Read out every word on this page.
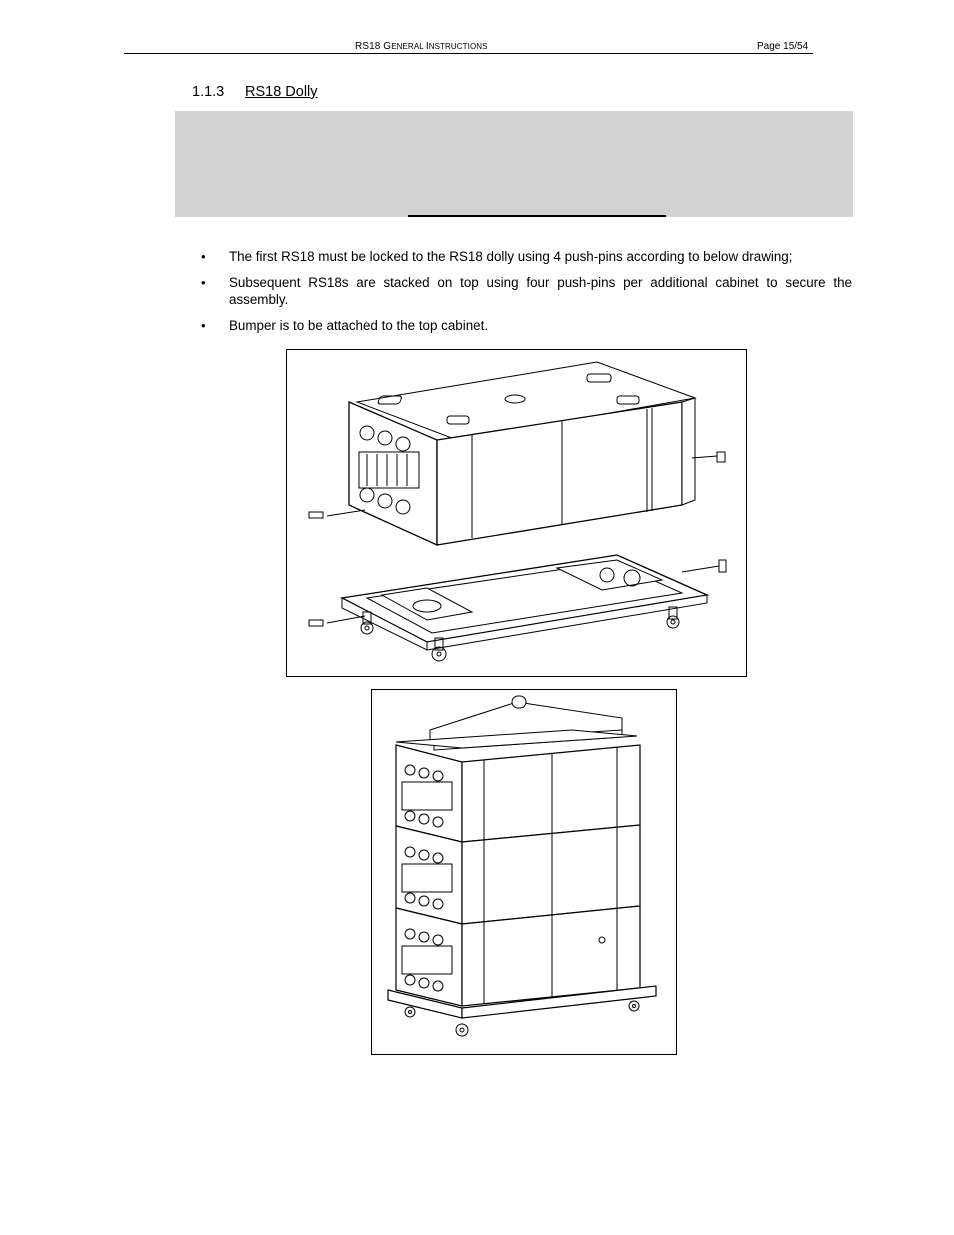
RS18 GENERAL INSTRUCTIONS	Page 15/54
1.1.3 RS18 Dolly
• The first RS18 must be locked to the RS18 dolly using 4 push-pins according to below drawing;
• Subsequent RS18s are stacked on top using four push-pins per additional cabinet to secure the assembly.
• Bumper is to be attached to the top cabinet.
